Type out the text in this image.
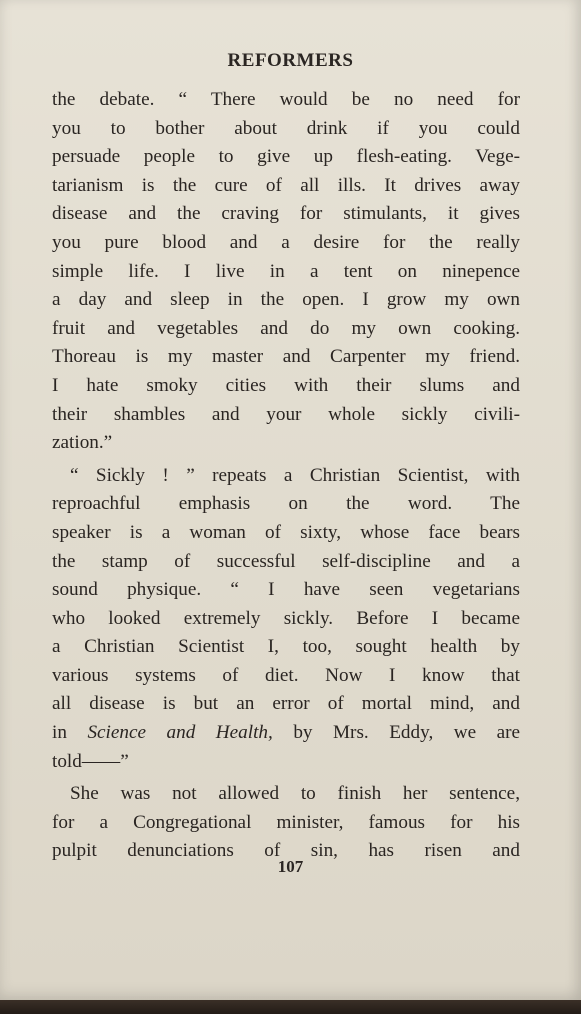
REFORMERS
the debate. “ There would be no need for
you to bother about drink if you could
persuade people to give up flesh-eating. Vege-
tarianism is the cure of all ills. It drives away
disease and the craving for stimulants, it gives
you pure blood and a desire for the really
simple life. I live in a tent on ninepence
a day and sleep in the open. I grow my own
fruit and vegetables and do my own cooking.
Thoreau is my master and Carpenter my friend.
I hate smoky cities with their slums and
their shambles and your whole sickly civili-
zation.”
“ Sickly ! ” repeats a Christian Scientist, with
reproachful emphasis on the word. The
speaker is a woman of sixty, whose face bears
the stamp of successful self-discipline and a
sound physique. “ I have seen vegetarians
who looked extremely sickly. Before I became
a Christian Scientist I, too, sought health by
various systems of diet. Now I know that
all disease is but an error of mortal mind, and
in Science and Health, by Mrs. Eddy, we are
told——”
She was not allowed to finish her sentence,
for a Congregational minister, famous for his
pulpit denunciations of sin, has risen and
107
